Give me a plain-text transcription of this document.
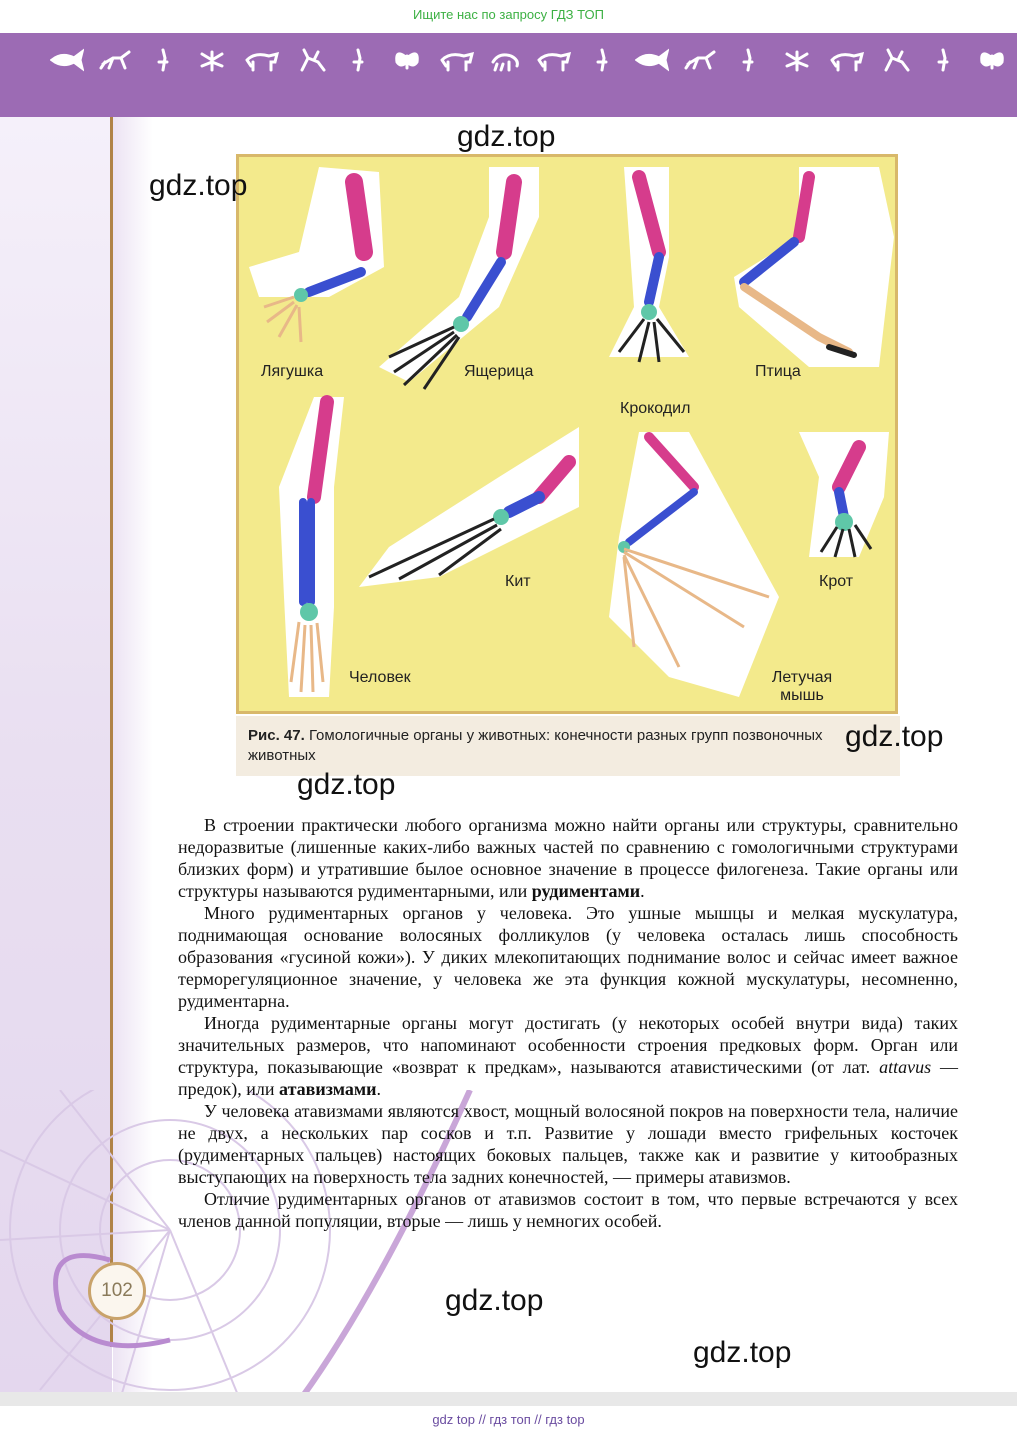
Ищите нас по запросу ГДЗ ТОП
102
Лягушка	Ящерица
Крокодил
Птица
Человек
Кит	Крот
Летучая мышь
Рис. 47. Гомологичные органы у животных: конечности разных групп позвоночных животных
gdz.top
gdz.top
gdz.top
gdz.top
gdz.top
gdz.top

В строении практически любого организма можно найти органы или структуры, сравнительно недоразвитые (лишенные каких-либо важных частей по сравнению с гомологичными структурами близких форм) и утратившие былое основное значение в процессе филогенеза. Такие органы или структуры называются рудиментарными, или рудиментами.

Много рудиментарных органов у человека. Это ушные мышцы и мелкая мускулатура, поднимающая основание волосяных фолликулов (у человека осталась лишь способность образования «гусиной кожи»). У диких млекопитающих поднимание волос и сейчас имеет важное терморегуляционное значение, у человека же эта функция кожной мускулатуры, несомненно, рудиментарна.

Иногда рудиментарные органы могут достигать (у некоторых особей внутри вида) таких значительных размеров, что напоминают особенности строения предковых форм. Орган или структура, показывающие «возврат к предкам», называются атавистическими (от лат. attavus — предок), или атавизмами.

У человека атавизмами являются хвост, мощный волосяной покров на поверхности тела, наличие не двух, а нескольких пар сосков и т.п. Развитие у лошади вместо грифельных косточек (рудиментарных пальцев) настоящих боковых пальцев, также как и развитие у китообразных выступающих на поверхность тела задних конечностей, — примеры атавизмов.

Отличие рудиментарных органов от атавизмов состоит в том, что первые встречаются у всех членов данной популяции, вторые — лишь у немногих особей.

gdz top // гдз топ // гдз top
